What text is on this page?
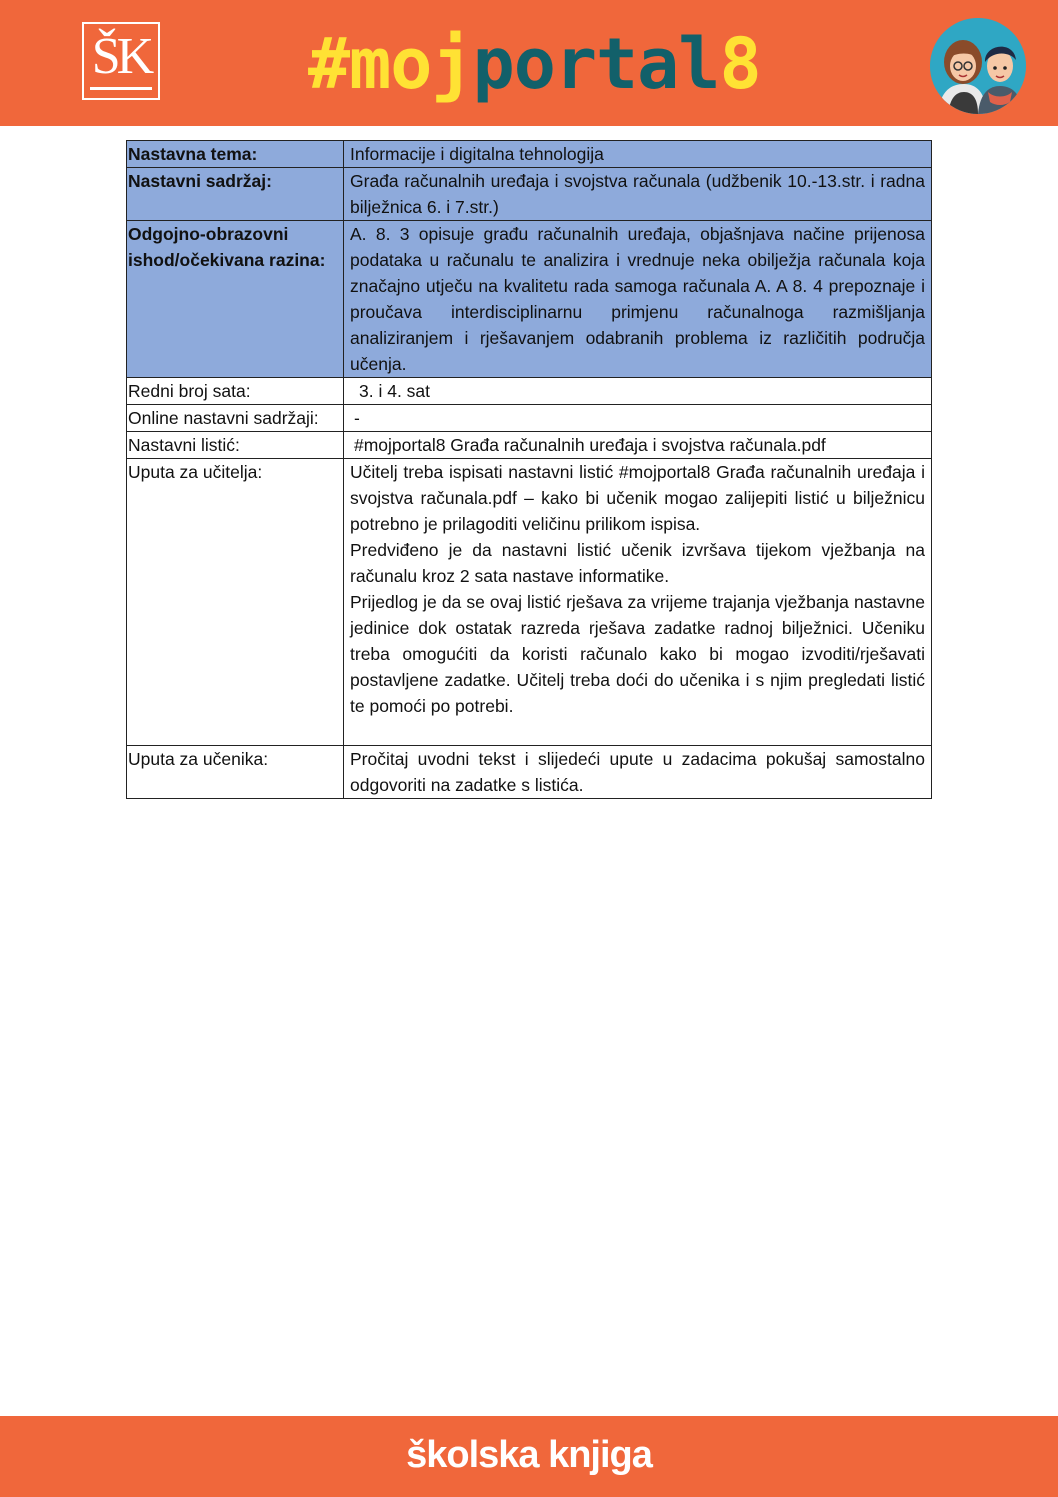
ŠK #mojportal8
Nastavna tema:	Informacije i digitalna tehnologija
Nastavni sadržaj:	Građa računalnih uređaja i svojstva računala (udžbenik 10.-13.str. i radna bilježnica 6. i 7.str.)
Odgojno-obrazovni ishod/očekivana razina:	A. 8. 3 opisuje građu računalnih uređaja, objašnjava načine prijenosa podataka u računalu te analizira i vrednuje neka obilježja računala koja značajno utječu na kvalitetu rada samoga računala A. A 8. 4 prepoznaje i proučava interdisciplinarnu primjenu računalnoga razmišljanja analiziranjem i rješavanjem odabranih problema iz različitih područja učenja.
Redni broj sata:	3. i 4. sat
Online nastavni sadržaji:	-
Nastavni listić:	#mojportal8 Građa računalnih uređaja i svojstva računala.pdf
Uputa za učitelja:	Učitelj treba ispisati nastavni listić #mojportal8 Građa računalnih uređaja i svojstva računala.pdf – kako bi učenik mogao zalijepiti listić u bilježnicu potrebno je prilagoditi veličinu prilikom ispisa.

Predviđeno je da nastavni listić učenik izvršava tijekom vježbanja na računalu kroz 2 sata nastave informatike.

Prijedlog je da se ovaj listić rješava za vrijeme trajanja vježbanja nastavne jedinice dok ostatak razreda rješava zadatke radnoj bilježnici. Učeniku treba omogućiti da koristi računalo kako bi mogao izvoditi/rješavati postavljene zadatke. Učitelj treba doći do učenika i s njim pregledati listić te pomoći po potrebi.

Uputa za učenika:	Pročitaj uvodni tekst i slijedeći upute u zadacima pokušaj samostalno odgovoriti na zadatke s listića.
školska knjiga
